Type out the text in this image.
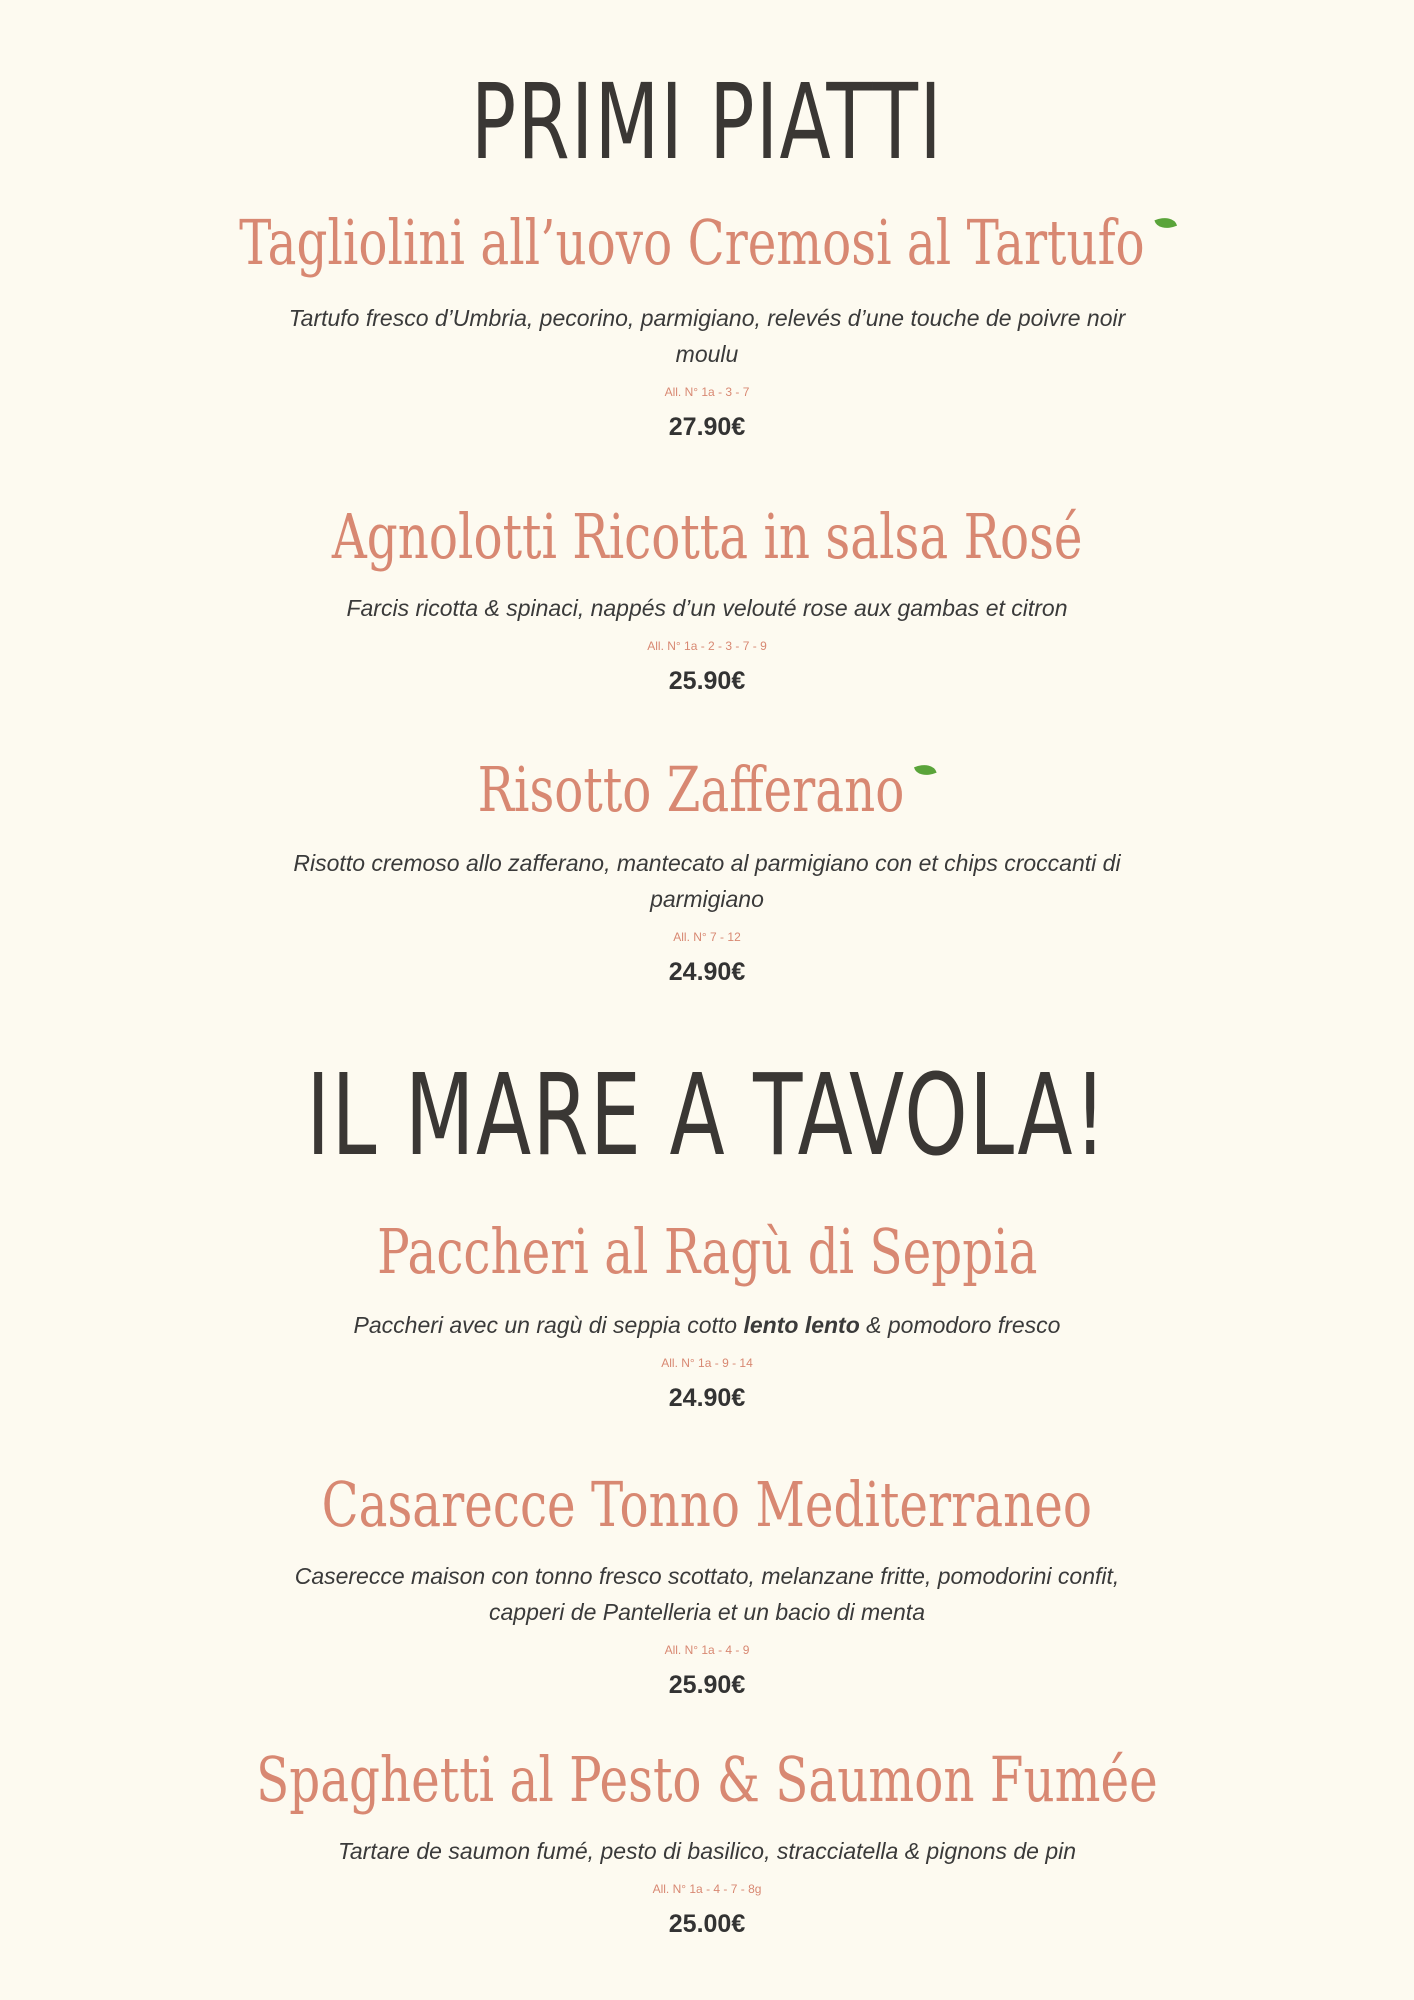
PRIMI PIATTI
Tagliolini all’uovo Cremosi al Tartufo

Tartufo fresco d’Umbria, pecorino, parmigiano, relevés d’une touche de poivre noir moulu

All. N° 1a - 3 - 7
27.90€
Agnolotti Ricotta in salsa Rosé

Farcis ricotta & spinaci, nappés d’un velouté rose aux gambas et citron

All. N° 1a - 2 - 3 - 7 - 9
25.90€
Risotto Zafferano

Risotto cremoso allo zafferano, mantecato al parmigiano con et chips croccanti di parmigiano

All. N° 7 - 12
24.90€
IL MARE A TAVOLA!
Paccheri al Ragù di Seppia

Paccheri avec un ragù di seppia cotto lento lento & pomodoro fresco

All. N° 1a - 9 - 14
24.90€
Casarecce Tonno Mediterraneo

Caserecce maison con tonno fresco scottato, melanzane fritte, pomodorini confit, capperi de Pantelleria et un bacio di menta

All. N° 1a - 4 - 9
25.90€
Spaghetti al Pesto & Saumon Fumée

Tartare de saumon fumé, pesto di basilico, stracciatella & pignons de pin

All. N° 1a - 4 - 7 - 8g
25.00€
